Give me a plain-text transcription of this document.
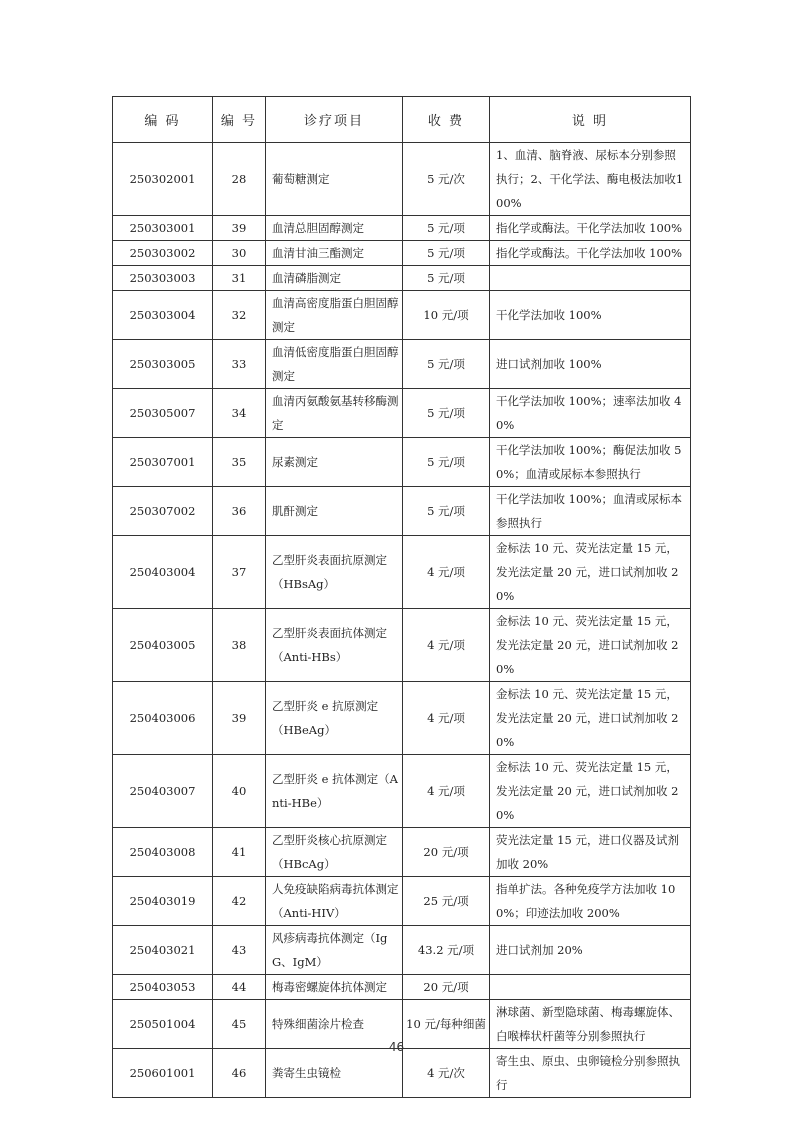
编 码	编 号	诊疗项目	收 费	说 明
250302001	28	葡萄糖测定	5 元/次	1、血清、脑脊液、尿标本分别参照执行；2、干化学法、酶电极法加收100%
250303001	39	血清总胆固醇测定	5 元/项	指化学或酶法。干化学法加收 100%
250303002	30	血清甘油三酯测定	5 元/项	指化学或酶法。干化学法加收 100%
250303003	31	血清磷脂测定	5 元/项	
250303004	32	血清高密度脂蛋白胆固醇测定	10 元/项	干化学法加收 100%
250303005	33	血清低密度脂蛋白胆固醇测定	5 元/项	进口试剂加收 100%
250305007	34	血清丙氨酸氨基转移酶测定	5 元/项	干化学法加收 100%；速率法加收 40%
250307001	35	尿素测定	5 元/项	干化学法加收 100%；酶促法加收 50%；血清或尿标本参照执行
250307002	36	肌酐测定	5 元/项	干化学法加收 100%；血清或尿标本参照执行
250403004	37	乙型肝炎表面抗原测定（HBsAg）	4 元/项	金标法 10 元、荧光法定量 15 元，发光法定量 20 元，进口试剂加收 20%
250403005	38	乙型肝炎表面抗体测定（Anti-HBs）	4 元/项	金标法 10 元、荧光法定量 15 元，发光法定量 20 元，进口试剂加收 20%
250403006	39	乙型肝炎 e 抗原测定（HBeAg）	4 元/项	金标法 10 元、荧光法定量 15 元，发光法定量 20 元，进口试剂加收 20%
250403007	40	乙型肝炎 e 抗体测定（Anti-HBe）	4 元/项	金标法 10 元、荧光法定量 15 元，发光法定量 20 元，进口试剂加收 20%
250403008	41	乙型肝炎核心抗原测定（HBcAg）	20 元/项	荧光法定量 15 元，进口仪器及试剂加收 20%
250403019	42	人免疫缺陷病毒抗体测定（Anti-HIV）	25 元/项	指单扩法。各种免疫学方法加收 100%；印迹法加收 200%
250403021	43	风疹病毒抗体测定（IgG、IgM）	43.2 元/项	进口试剂加 20%
250403053	44	梅毒密螺旋体抗体测定	20 元/项	
250501004	45	特殊细菌涂片检查	10 元/每种细菌	淋球菌、新型隐球菌、梅毒螺旋体、白喉棒状杆菌等分别参照执行
250601001	46	粪寄生虫镜检	4 元/次	寄生虫、原虫、虫卵镜检分别参照执行
46
